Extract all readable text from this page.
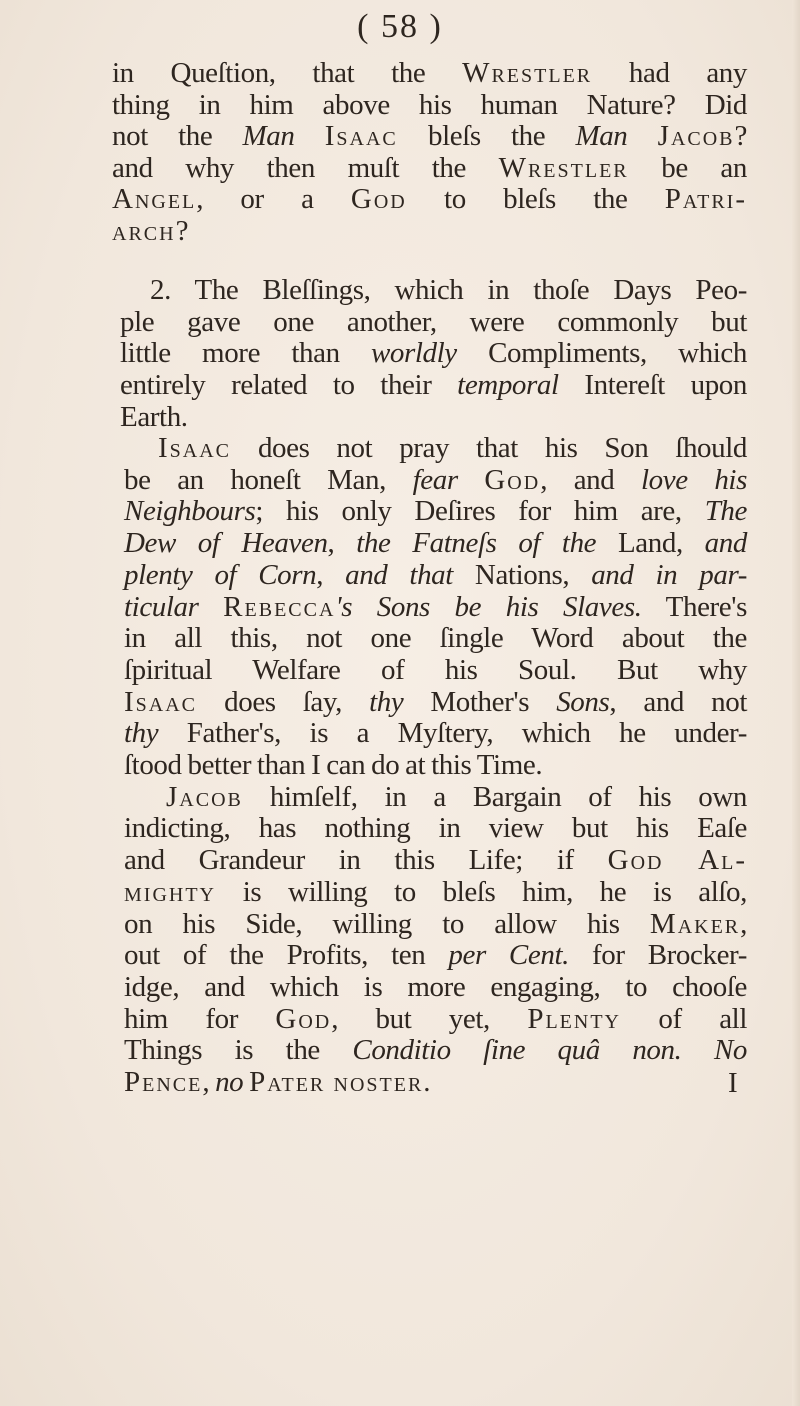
( 58 )
in Queſtion, that the Wrestler had any
thing in him above his human Nature? Did
not the Man Isaac bleſs the Man Jacob?
and why then muſt the Wrestler be an
Angel, or a God to bleſs the Patri-
arch?
2. The Bleſſings, which in thoſe Days Peo-
ple gave one another, were commonly but
little more than worldly Compliments, which
entirely related to their temporal Intereſt upon
Earth.
Isaac does not pray that his Son ſhould
be an honeſt Man, fear God, and love his
Neighbours; his only Deſires for him are, The
Dew of Heaven, the Fatneſs of the Land, and
plenty of Corn, and that Nations, and in par-
ticular Rebecca's Sons be his Slaves. There's
in all this, not one ſingle Word about the
ſpiritual Welfare of his Soul. But why
Isaac does ſay, thy Mother's Sons, and not
thy Father's, is a Myſtery, which he under-
ſtood better than I can do at this Time.
Jacob himſelf, in a Bargain of his own
indicting, has nothing in view but his Eaſe
and Grandeur in this Life; if God Al-
mighty is willing to bleſs him, he is alſo,
on his Side, willing to allow his Maker,
out of the Profits, ten per Cent. for Brocker-
idge, and which is more engaging, to chooſe
him for God, but yet, Plenty of all
Things is the Conditio ſine quâ non. No
Pence, no Pater noster.	I
